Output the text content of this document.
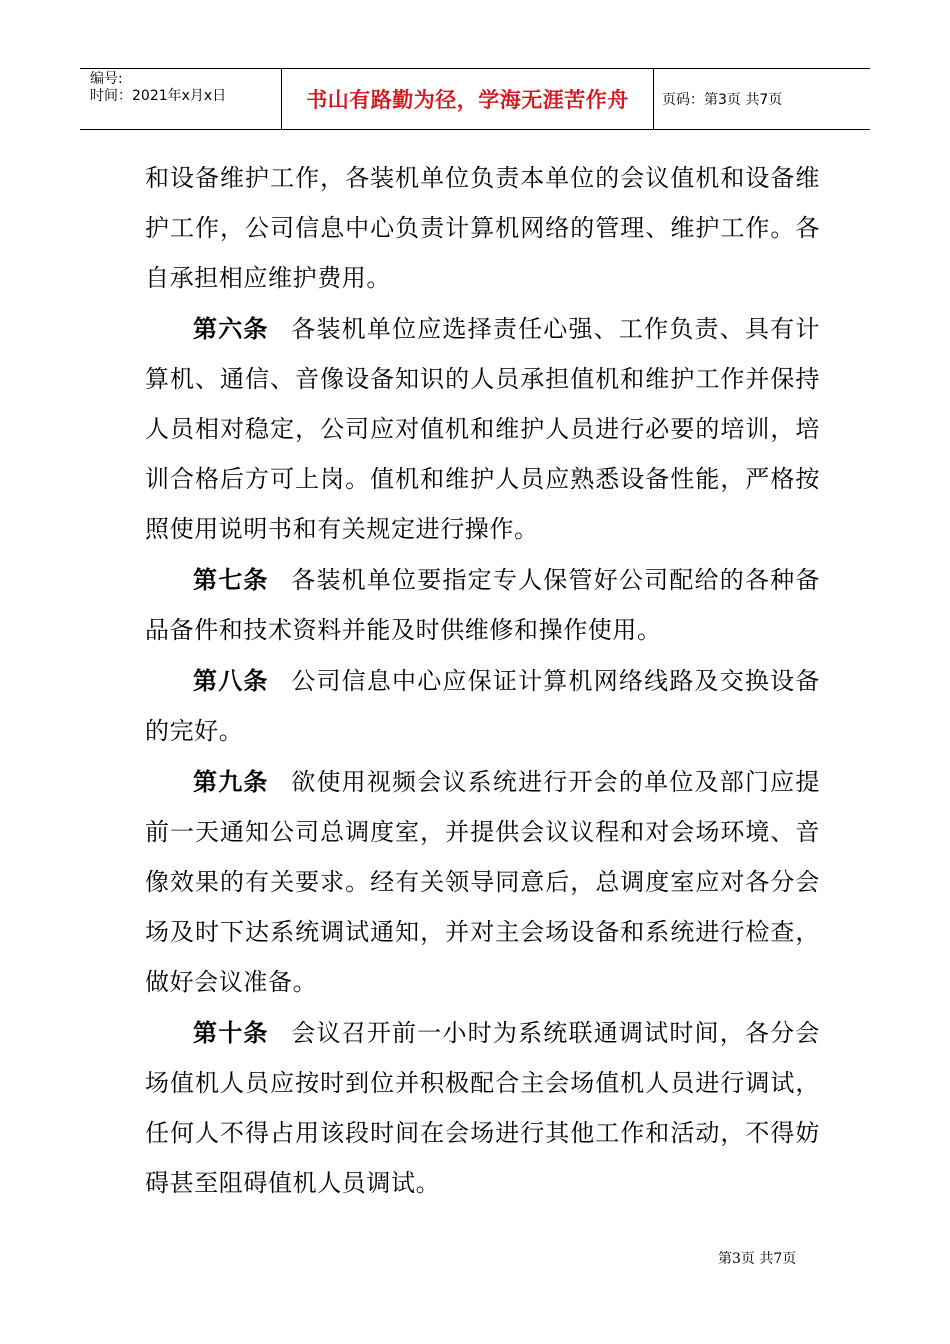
编号:
时间：2021年x月x日	书山有路勤为径，学海无涯苦作舟 页码：第3页 共7页

和设备维护工作，各装机单位负责本单位的会议值机和设备维护工作，公司信息中心负责计算机网络的管理、维护工作。各自承担相应维护费用。

第六条 各装机单位应选择责任心强、工作负责、具有计算机、通信、音像设备知识的人员承担值机和维护工作并保持人员相对稳定，公司应对值机和维护人员进行必要的培训，培训合格后方可上岗。值机和维护人员应熟悉设备性能，严格按照使用说明书和有关规定进行操作。

第七条 各装机单位要指定专人保管好公司配给的各种备品备件和技术资料并能及时供维修和操作使用。

第八条 公司信息中心应保证计算机网络线路及交换设备的完好。

第九条 欲使用视频会议系统进行开会的单位及部门应提前一天通知公司总调度室，并提供会议议程和对会场环境、音像效果的有关要求。经有关领导同意后，总调度室应对各分会场及时下达系统调试通知，并对主会场设备和系统进行检查，做好会议准备。

第十条 会议召开前一小时为系统联通调试时间，各分会场值机人员应按时到位并积极配合主会场值机人员进行调试，任何人不得占用该段时间在会场进行其他工作和活动，不得妨碍甚至阻碍值机人员调试。

第3页 共7页
